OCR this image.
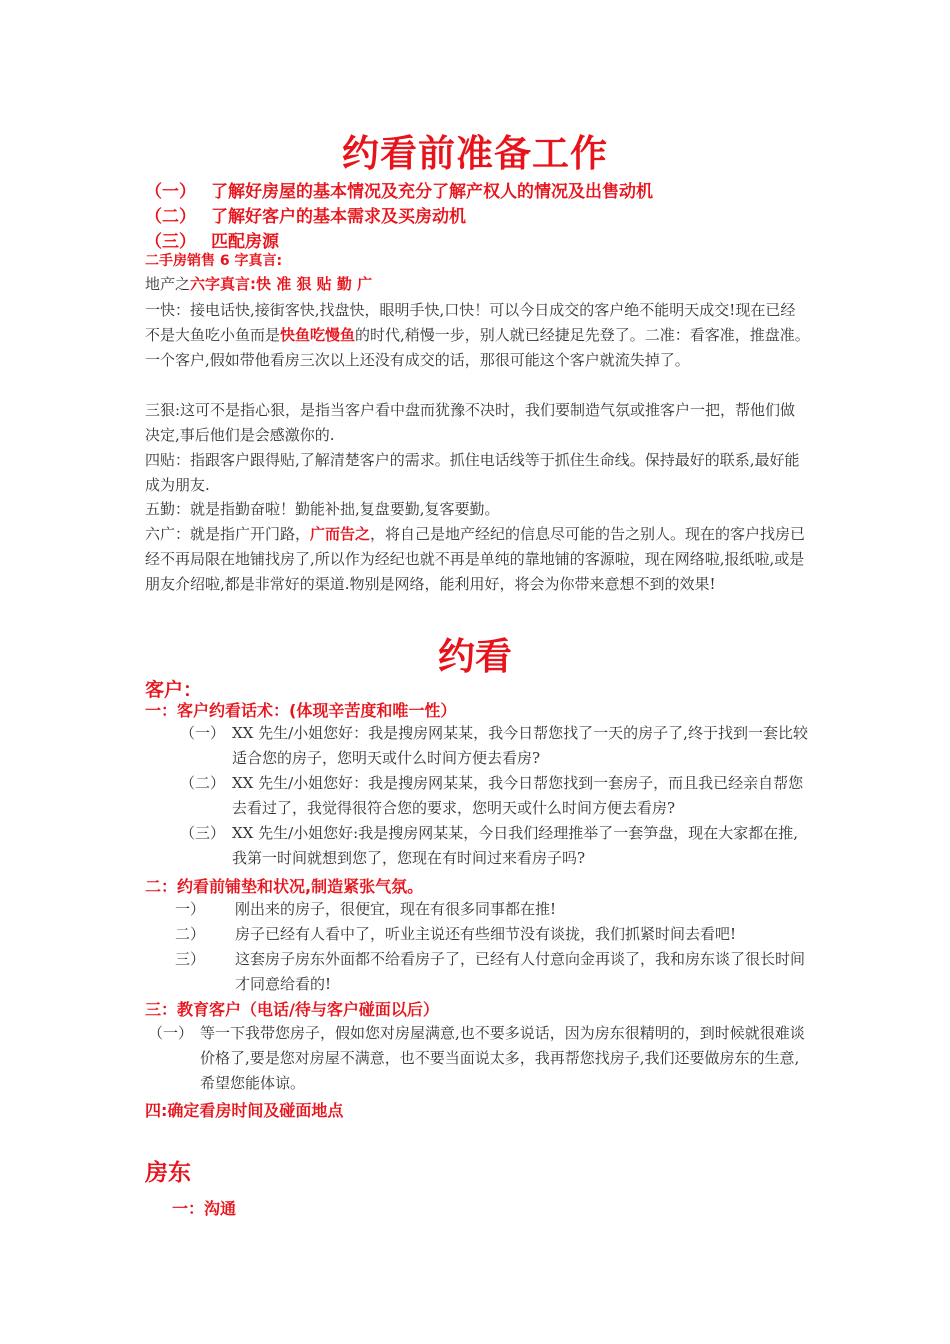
约看前准备工作
（一） 了解好房屋的基本情况及充分了解产权人的情况及出售动机
（二） 了解好客户的基本需求及买房动机
（三） 匹配房源
二手房销售 6 字真言:
地产之六字真言:快 准 狠 贴 勤 广
一快：接电话快,接街客快,找盘快，眼明手快,口快！可以今日成交的客户绝不能明天成交!现在已经不是大鱼吃小鱼而是快鱼吃慢鱼的时代,稍慢一步，别人就已经捷足先登了。二准：看客准，推盘准。一个客户,假如带他看房三次以上还没有成交的话，那很可能这个客户就流失掉了。
三狠:这可不是指心狠，是指当客户看中盘而犹豫不决时，我们要制造气氛或推客户一把，帮他们做决定,事后他们是会感激你的.
四贴：指跟客户跟得贴,了解清楚客户的需求。抓住电话线等于抓住生命线。保持最好的联系,最好能成为朋友.
五勤：就是指勤奋啦！勤能补拙,复盘要勤,复客要勤。
六广：就是指广开门路，广而告之，将自己是地产经纪的信息尽可能的告之别人。现在的客户找房已经不再局限在地铺找房了,所以作为经纪也就不再是单纯的靠地铺的客源啦，现在网络啦,报纸啦,或是朋友介绍啦,都是非常好的渠道.物别是网络，能利用好，将会为你带来意想不到的效果!
约看
客户：
一：客户约看话术：(体现辛苦度和唯一性）
（一） XX 先生/小姐您好：我是搜房网某某，我今日帮您找了一天的房子了,终于找到一套比较适合您的房子，您明天或什么时间方便去看房?
（二） XX 先生/小姐您好：我是搜房网某某，我今日帮您找到一套房子，而且我已经亲自帮您去看过了，我觉得很符合您的要求，您明天或什么时间方便去看房?
（三） XX 先生/小姐您好:我是搜房网某某，今日我们经理推举了一套笋盘，现在大家都在推,我第一时间就想到您了，您现在有时间过来看房子吗?
二：约看前铺垫和状况,制造紧张气氛。
一） 刚出来的房子，很便宜，现在有很多同事都在推!
二） 房子已经有人看中了，听业主说还有些细节没有谈拢，我们抓紧时间去看吧!
三） 这套房子房东外面都不给看房子了，已经有人付意向金再谈了，我和房东谈了很长时间才同意给看的!
三：教育客户（电话/待与客户碰面以后）
（一） 等一下我带您房子，假如您对房屋满意,也不要多说话，因为房东很精明的，到时候就很难谈价格了,要是您对房屋不满意，也不要当面说太多，我再帮您找房子,我们还要做房东的生意,希望您能体谅。
四:确定看房时间及碰面地点
房东
一：沟通
